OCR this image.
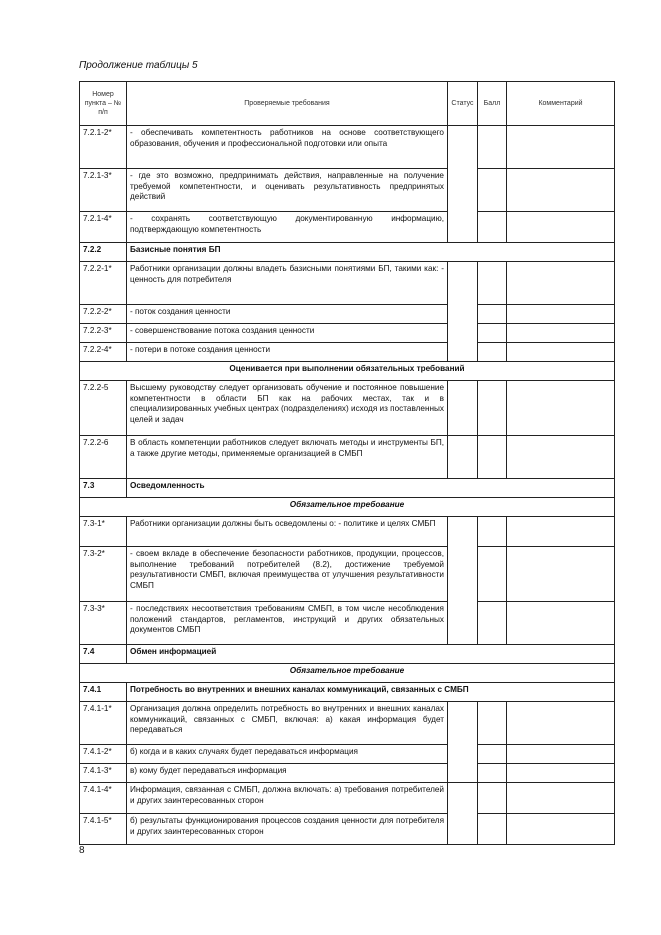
Продолжение таблицы 5
Номер пункта – № п/п	Проверяемые требования	Статус	Балл	Комментарий
7.2.1-2*	- обеспечивать компетентность работников на основе соответствующего образования, обучения и профессиональной подготовки или опыта			
7.2.1-3*	- где это возможно, предпринимать действия, направленные на получение требуемой компетентности, и оценивать результативность предпринятых действий			
7.2.1-4*	- сохранять соответствующую документированную информацию, подтверждающую компетентность			
7.2.2	Базисные понятия БП			
7.2.2-1*	Работники организации должны владеть базисными понятиями БП, такими как: - ценность для потребителя			
7.2.2-2*	- поток создания ценности			
7.2.2-3*	- совершенствование потока создания ценности			
7.2.2-4*	- потери в потоке создания ценности			
Оценивается при выполнении обязательных требований				
7.2.2-5	Высшему руководству следует организовать обучение и постоянное повышение компетентности в области БП как на рабочих местах, так и в специализированных учебных центрах (подразделениях) исходя из поставленных целей и задач			
7.2.2-6	В область компетенции работников следует включать методы и инструменты БП, а также другие методы, применяемые организацией в СМБП			
7.3	Осведомленность			
Обязательное требование				
7.3-1*	Работники организации должны быть осведомлены о: - политике и целях СМБП			
7.3-2*	- своем вкладе в обеспечение безопасности работников, продукции, процессов, выполнение требований потребителей (8.2), достижение требуемой результативности СМБП, включая преимущества от улучшения результативности СМБП			
7.3-3*	- последствиях несоответствия требованиям СМБП, в том числе несоблюдения положений стандартов, регламентов, инструкций и других обязательных документов СМБП			
7.4	Обмен информацией			
Обязательное требование				
7.4.1	Потребность во внутренних и внешних каналах коммуникаций, связанных с СМБП			
7.4.1-1*	Организация должна определить потребность во внутренних и внешних каналах коммуникаций, связанных с СМБП, включая: а) какая информация будет передаваться			
7.4.1-2*	б) когда и в каких случаях будет передаваться информация			
7.4.1-3*	в) кому будет передаваться информация			
7.4.1-4*	Информация, связанная с СМБП, должна включать: а) требования потребителей и других заинтересованных сторон			
7.4.1-5*	б) результаты функционирования процессов создания ценности для потребителя и других заинтересованных сторон			
8
